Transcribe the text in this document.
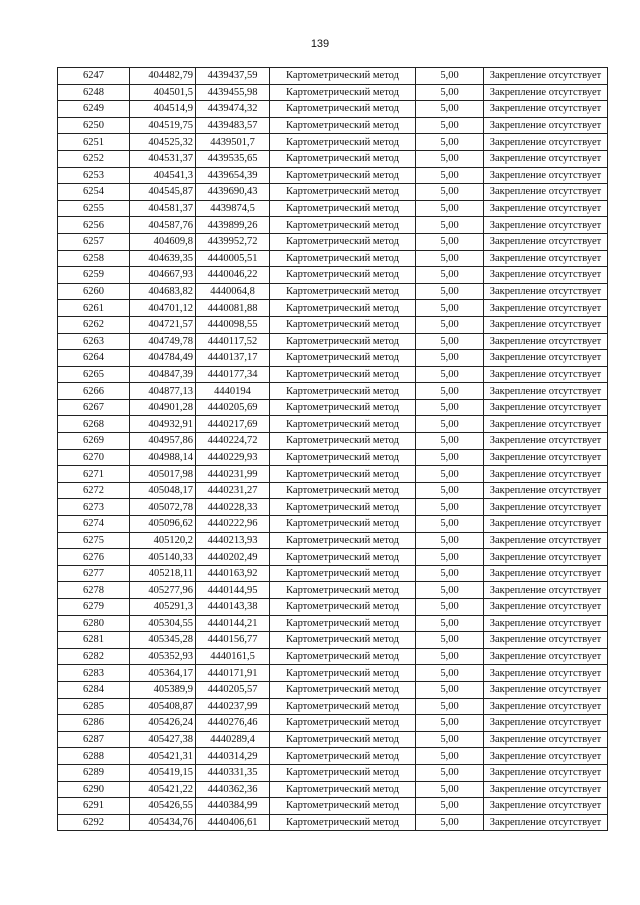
139
6247	404482,79	4439437,59	Картометрический метод	5,00	Закрепление отсутствует
6248	404501,5	4439455,98	Картометрический метод	5,00	Закрепление отсутствует
6249	404514,9	4439474,32	Картометрический метод	5,00	Закрепление отсутствует
6250	404519,75	4439483,57	Картометрический метод	5,00	Закрепление отсутствует
6251	404525,32	4439501,7	Картометрический метод	5,00	Закрепление отсутствует
6252	404531,37	4439535,65	Картометрический метод	5,00	Закрепление отсутствует
6253	404541,3	4439654,39	Картометрический метод	5,00	Закрепление отсутствует
6254	404545,87	4439690,43	Картометрический метод	5,00	Закрепление отсутствует
6255	404581,37	4439874,5	Картометрический метод	5,00	Закрепление отсутствует
6256	404587,76	4439899,26	Картометрический метод	5,00	Закрепление отсутствует
6257	404609,8	4439952,72	Картометрический метод	5,00	Закрепление отсутствует
6258	404639,35	4440005,51	Картометрический метод	5,00	Закрепление отсутствует
6259	404667,93	4440046,22	Картометрический метод	5,00	Закрепление отсутствует
6260	404683,82	4440064,8	Картометрический метод	5,00	Закрепление отсутствует
6261	404701,12	4440081,88	Картометрический метод	5,00	Закрепление отсутствует
6262	404721,57	4440098,55	Картометрический метод	5,00	Закрепление отсутствует
6263	404749,78	4440117,52	Картометрический метод	5,00	Закрепление отсутствует
6264	404784,49	4440137,17	Картометрический метод	5,00	Закрепление отсутствует
6265	404847,39	4440177,34	Картометрический метод	5,00	Закрепление отсутствует
6266	404877,13	4440194	Картометрический метод	5,00	Закрепление отсутствует
6267	404901,28	4440205,69	Картометрический метод	5,00	Закрепление отсутствует
6268	404932,91	4440217,69	Картометрический метод	5,00	Закрепление отсутствует
6269	404957,86	4440224,72	Картометрический метод	5,00	Закрепление отсутствует
6270	404988,14	4440229,93	Картометрический метод	5,00	Закрепление отсутствует
6271	405017,98	4440231,99	Картометрический метод	5,00	Закрепление отсутствует
6272	405048,17	4440231,27	Картометрический метод	5,00	Закрепление отсутствует
6273	405072,78	4440228,33	Картометрический метод	5,00	Закрепление отсутствует
6274	405096,62	4440222,96	Картометрический метод	5,00	Закрепление отсутствует
6275	405120,2	4440213,93	Картометрический метод	5,00	Закрепление отсутствует
6276	405140,33	4440202,49	Картометрический метод	5,00	Закрепление отсутствует
6277	405218,11	4440163,92	Картометрический метод	5,00	Закрепление отсутствует
6278	405277,96	4440144,95	Картометрический метод	5,00	Закрепление отсутствует
6279	405291,3	4440143,38	Картометрический метод	5,00	Закрепление отсутствует
6280	405304,55	4440144,21	Картометрический метод	5,00	Закрепление отсутствует
6281	405345,28	4440156,77	Картометрический метод	5,00	Закрепление отсутствует
6282	405352,93	4440161,5	Картометрический метод	5,00	Закрепление отсутствует
6283	405364,17	4440171,91	Картометрический метод	5,00	Закрепление отсутствует
6284	405389,9	4440205,57	Картометрический метод	5,00	Закрепление отсутствует
6285	405408,87	4440237,99	Картометрический метод	5,00	Закрепление отсутствует
6286	405426,24	4440276,46	Картометрический метод	5,00	Закрепление отсутствует
6287	405427,38	4440289,4	Картометрический метод	5,00	Закрепление отсутствует
6288	405421,31	4440314,29	Картометрический метод	5,00	Закрепление отсутствует
6289	405419,15	4440331,35	Картометрический метод	5,00	Закрепление отсутствует
6290	405421,22	4440362,36	Картометрический метод	5,00	Закрепление отсутствует
6291	405426,55	4440384,99	Картометрический метод	5,00	Закрепление отсутствует
6292	405434,76	4440406,61	Картометрический метод	5,00	Закрепление отсутствует
